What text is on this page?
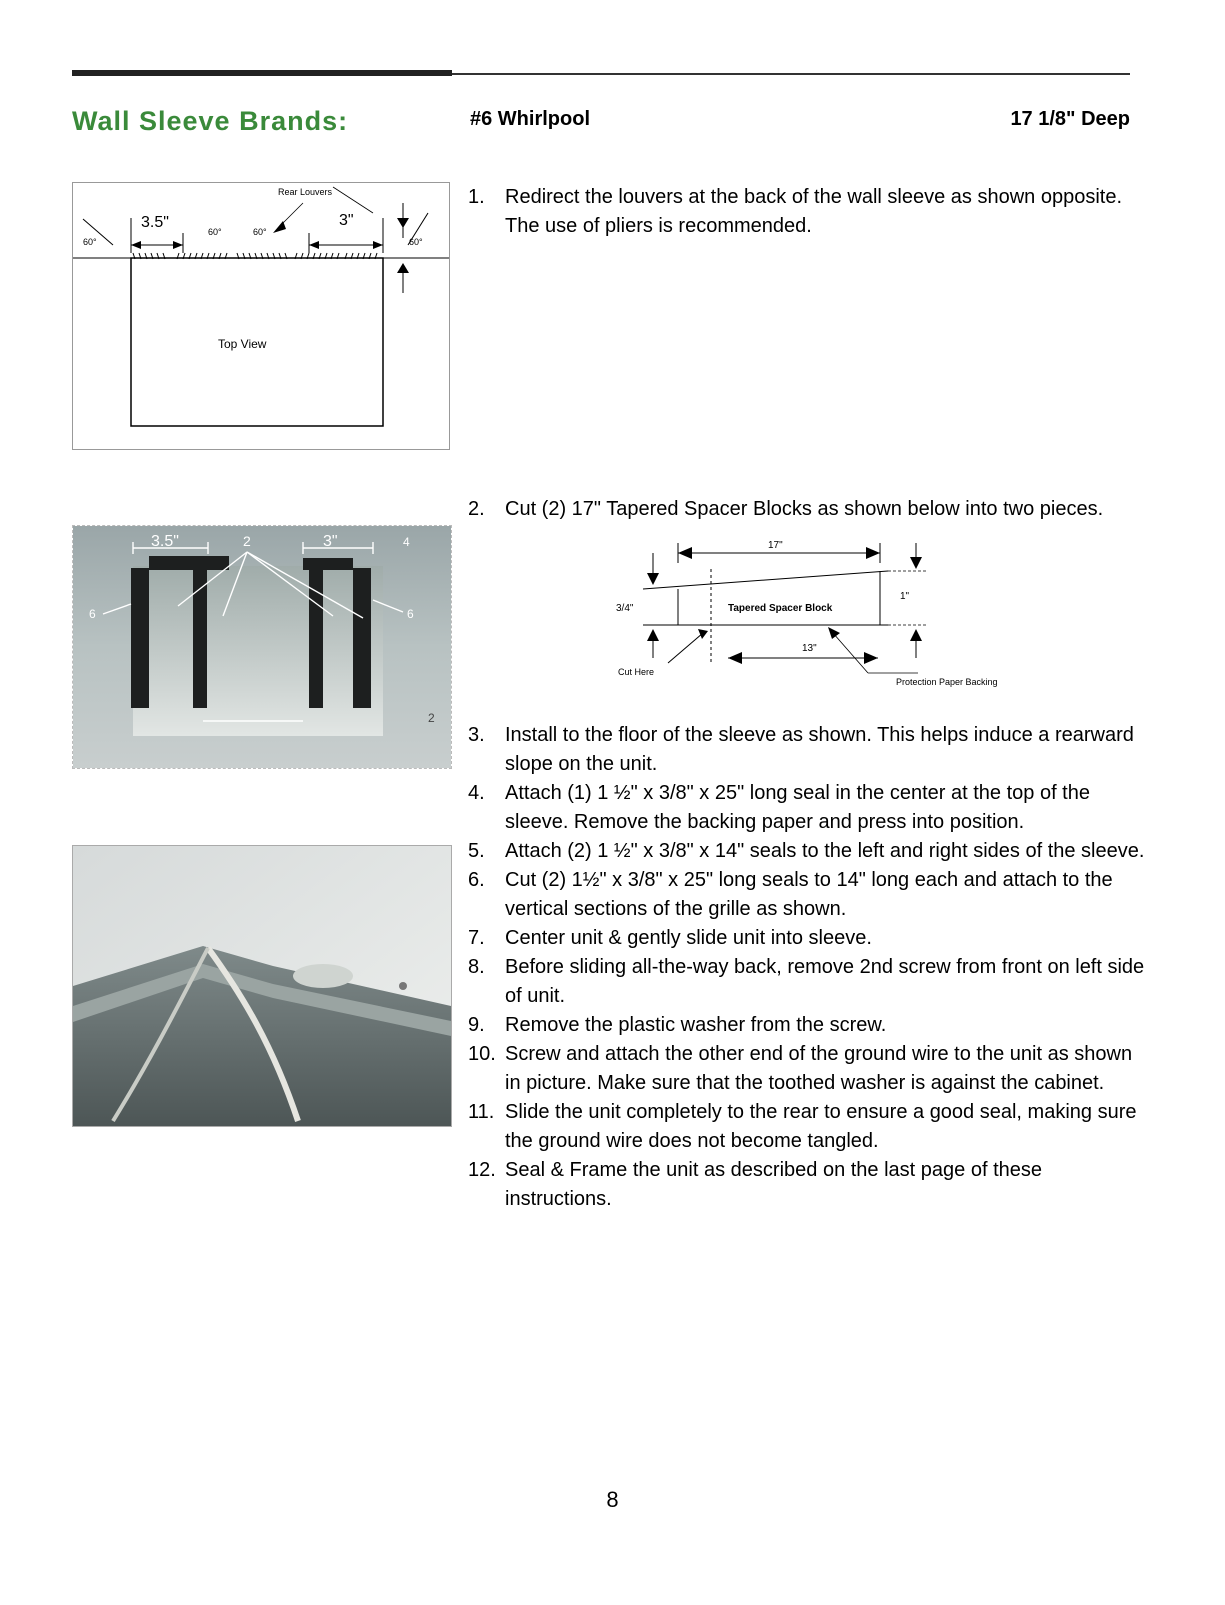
Wall Sleeve Brands:	#6 Whirlpool	17 1/8" Deep
Rear Louvers
3.5"	3"
60°
60°	60°
60°
Top View
3.5"	2	3"	4
6	6
2
1. Redirect the louvers at the back of the wall sleeve as shown opposite. The use of pliers is recommended.
2. Cut (2) 17" Tapered Spacer Blocks as shown below into two pieces.
17"
3/4"	Tapered Spacer Block
1"
13"
Cut Here
Protection Paper Backing
3. Install to the floor of the sleeve as shown. This helps induce a rearward slope on the unit.
4. Attach (1) 1 ½" x 3/8" x 25" long seal in the center at the top of the sleeve. Remove the backing paper and press into position.
5. Attach (2) 1 ½" x 3/8" x 14" seals to the left and right sides of the sleeve.
6. Cut (2) 1½" x 3/8" x 25" long seals to 14" long each and attach to the vertical sections of the grille as shown.
7. Center unit & gently slide unit into sleeve.
8. Before sliding all-the-way back, remove 2nd screw from front on left side of unit.
9. Remove the plastic washer from the screw.
10. Screw and attach the other end of the ground wire to the unit as shown in picture. Make sure that the toothed washer is against the cabinet.
11. Slide the unit completely to the rear to ensure a good seal, making sure the ground wire does not become tangled.
12. Seal & Frame the unit as described on the last page of these instructions.
8
